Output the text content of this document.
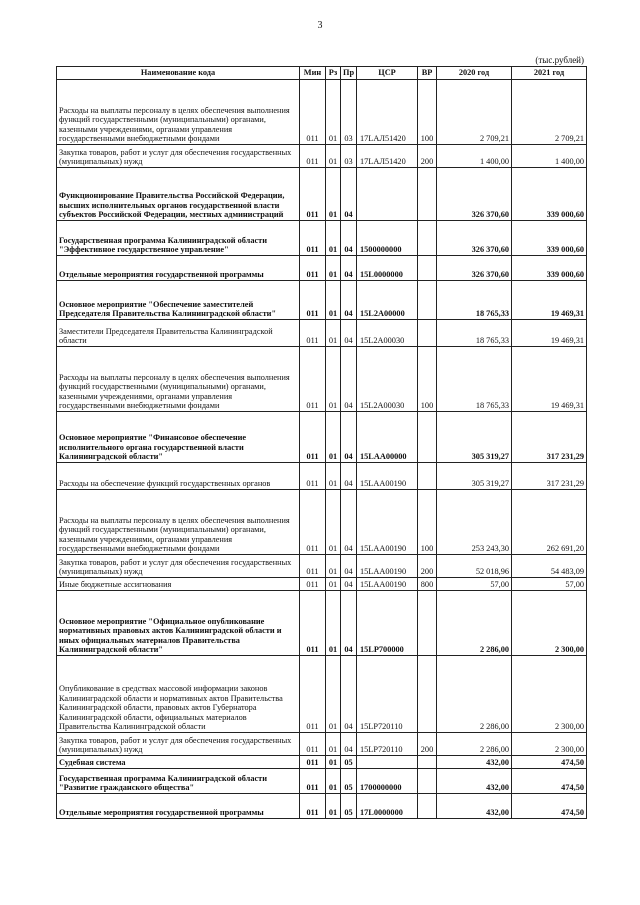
3
(тыс.рублей)
Наименование кода	Мин	Рз	Пр	ЦСР	ВР	2020 год	2021 год
Расходы на выплаты персоналу в целях обеспечения выполнения функций государственными (муниципальными) органами, казенными учреждениями, органами управления государственными внебюджетными фондами	011	01	03	17LАЛ51420	100	2 709,21	2 709,21
Закупка товаров, работ и услуг для обеспечения государственных (муниципальных) нужд	011	01	03	17LАЛ51420	200	1 400,00	1 400,00
Функционирование Правительства Российской Федерации, высших исполнительных органов государственной власти субъектов Российской Федерации, местных администраций	011	01	04			326 370,60	339 000,60
Государственная программа Калининградской области "Эффективное государственное управление"	011	01	04	1500000000		326 370,60	339 000,60
Отдельные мероприятия государственной программы	011	01	04	15L0000000		326 370,60	339 000,60
Основное мероприятие "Обеспечение заместителей Председателя Правительства Калининградской области"	011	01	04	15L2A00000		18 765,33	19 469,31
Заместители Председателя Правительства Калининградской области	011	01	04	15L2A00030		18 765,33	19 469,31
Расходы на выплаты персоналу в целях обеспечения выполнения функций государственными (муниципальными) органами, казенными учреждениями, органами управления государственными внебюджетными фондами	011	01	04	15L2A00030	100	18 765,33	19 469,31
Основное мероприятие "Финансовое обеспечение исполнительного органа государственной власти Калининградской области"	011	01	04	15LАА00000		305 319,27	317 231,29
Расходы на обеспечение функций государственных органов	011	01	04	15LАА00190		305 319,27	317 231,29
Расходы на выплаты персоналу в целях обеспечения выполнения функций государственными (муниципальными) органами, казенными учреждениями, органами управления государственными внебюджетными фондами	011	01	04	15LАА00190	100	253 243,30	262 691,20
Закупка товаров, работ и услуг для обеспечения государственных (муниципальных) нужд	011	01	04	15LАА00190	200	52 018,96	54 483,09
Иные бюджетные ассигнования	011	01	04	15LАА00190	800	57,00	57,00
Основное мероприятие "Официальное опубликование нормативных правовых актов Калининградской области и иных официальных материалов Правительства Калининградской области"	011	01	04	15LP700000		2 286,00	2 300,00
Опубликование в средствах массовой информации законов Калининградской области и нормативных актов Правительства Калининградской области, правовых актов Губернатора Калининградской области, официальных материалов Правительства Калининградской области	011	01	04	15LP720110		2 286,00	2 300,00
Закупка товаров, работ и услуг для обеспечения государственных (муниципальных) нужд	011	01	04	15LP720110	200	2 286,00	2 300,00
Судебная система	011	01	05			432,00	474,50
Государственная программа Калининградской области "Развитие гражданского общества"	011	01	05	1700000000		432,00	474,50
Отдельные мероприятия государственной программы	011	01	05	17L0000000		432,00	474,50
